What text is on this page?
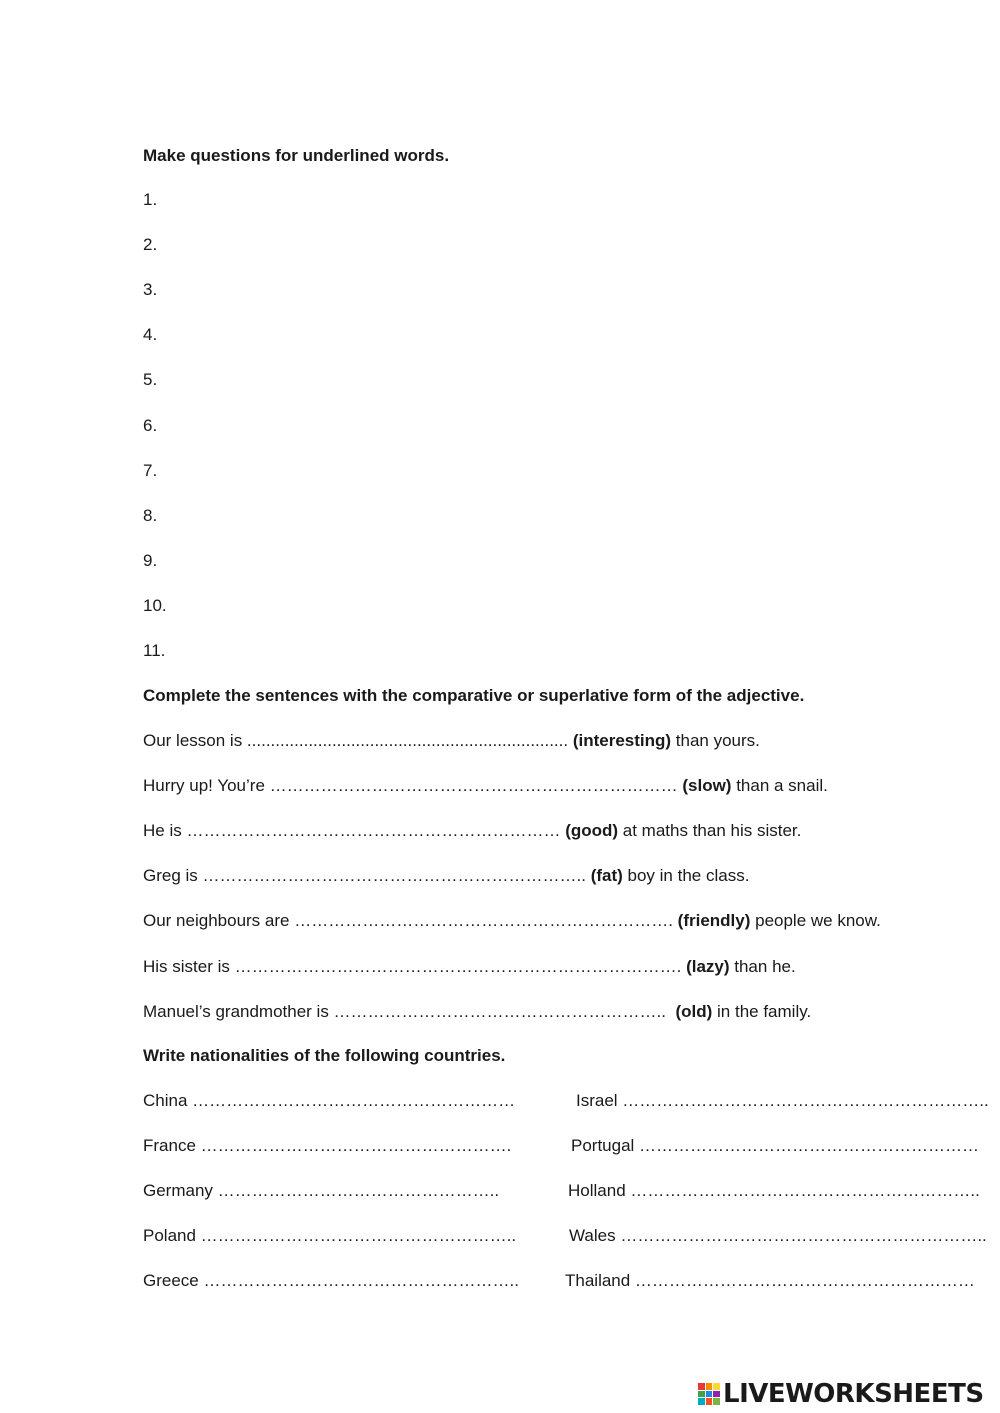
Make questions for underlined words.
1.
2.
3.
4.
5.
6.
7.
8.
9.
10.
11.
Complete the sentences with the comparative or superlative form of the adjective.
Our lesson is .................................................................... (interesting) than yours.
Hurry up! You’re ……………………………………………………………… (slow) than a snail.
He is ………………………………………………………… (good) at maths than his sister.
Greg is ………………………………………………………….. (fat) boy in the class.
Our neighbours are …………………………………………………………. (friendly) people we know.
His sister is ……………………………………………………………………. (lazy) than he.
Manuel’s grandmother is …………………………………………………..  (old) in the family.
Write nationalities of the following countries.
China …………………………………………………	Israel ………………………………………………………..
France ……………………………………………….	Portugal ……………………………………………………
Germany …………………………………………..	Holland ……………………………………………………..
Poland ………………………………………………..	Wales ………………………………………………………..
Greece ………………………………………………..	Thailand ……………………………………………………
LIVEWORKSHEETS
